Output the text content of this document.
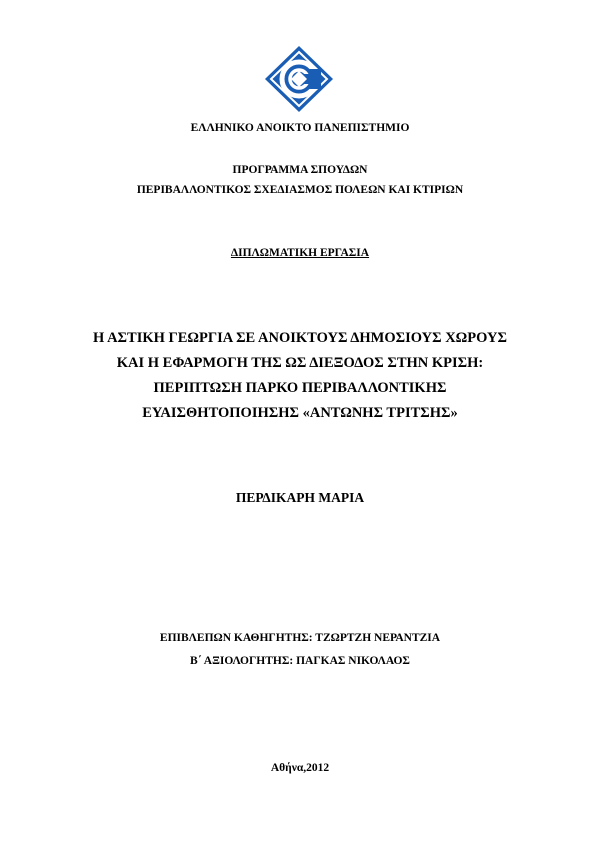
ΕΛΛΗΝΙΚΟ ΑΝΟΙΚΤΟ ΠΑΝΕΠΙΣΤΗΜΙΟ
ΠΡΟΓΡΑΜΜΑ ΣΠΟΥΔΩΝ
ΠΕΡΙΒΑΛΛΟΝΤΙΚΟΣ ΣΧΕΔΙΑΣΜΟΣ ΠΟΛΕΩΝ ΚΑΙ ΚΤΙΡΙΩΝ
ΔΙΠΛΩΜΑΤΙΚΗ ΕΡΓΑΣΙΑ
Η ΑΣΤΙΚΗ ΓΕΩΡΓΙΑ ΣΕ ΑΝΟΙΚΤΟΥΣ ΔΗΜΟΣΙΟΥΣ ΧΩΡΟΥΣ
ΚΑΙ Η ΕΦΑΡΜΟΓΗ ΤΗΣ ΩΣ ΔΙΕΞΟΔΟΣ ΣΤΗΝ ΚΡΙΣΗ:
ΠΕΡΙΠΤΩΣΗ ΠΑΡΚΟ ΠΕΡΙΒΑΛΛΟΝΤΙΚΗΣ
ΕΥΑΙΣΘΗΤΟΠΟΙΗΣΗΣ «ΑΝΤΩΝΗΣ ΤΡΙΤΣΗΣ»
ΠΕΡΔΙΚΑΡΗ ΜΑΡΙΑ
ΕΠΙΒΛΕΠΩΝ ΚΑΘΗΓΗΤΗΣ: ΤΖΩΡΤΖΗ ΝΕΡΑΝΤΖΙΑ
Β΄ ΑΞΙΟΛΟΓΗΤΗΣ: ΠΑΓΚΑΣ ΝΙΚΟΛΑΟΣ
Αθήνα,2012
